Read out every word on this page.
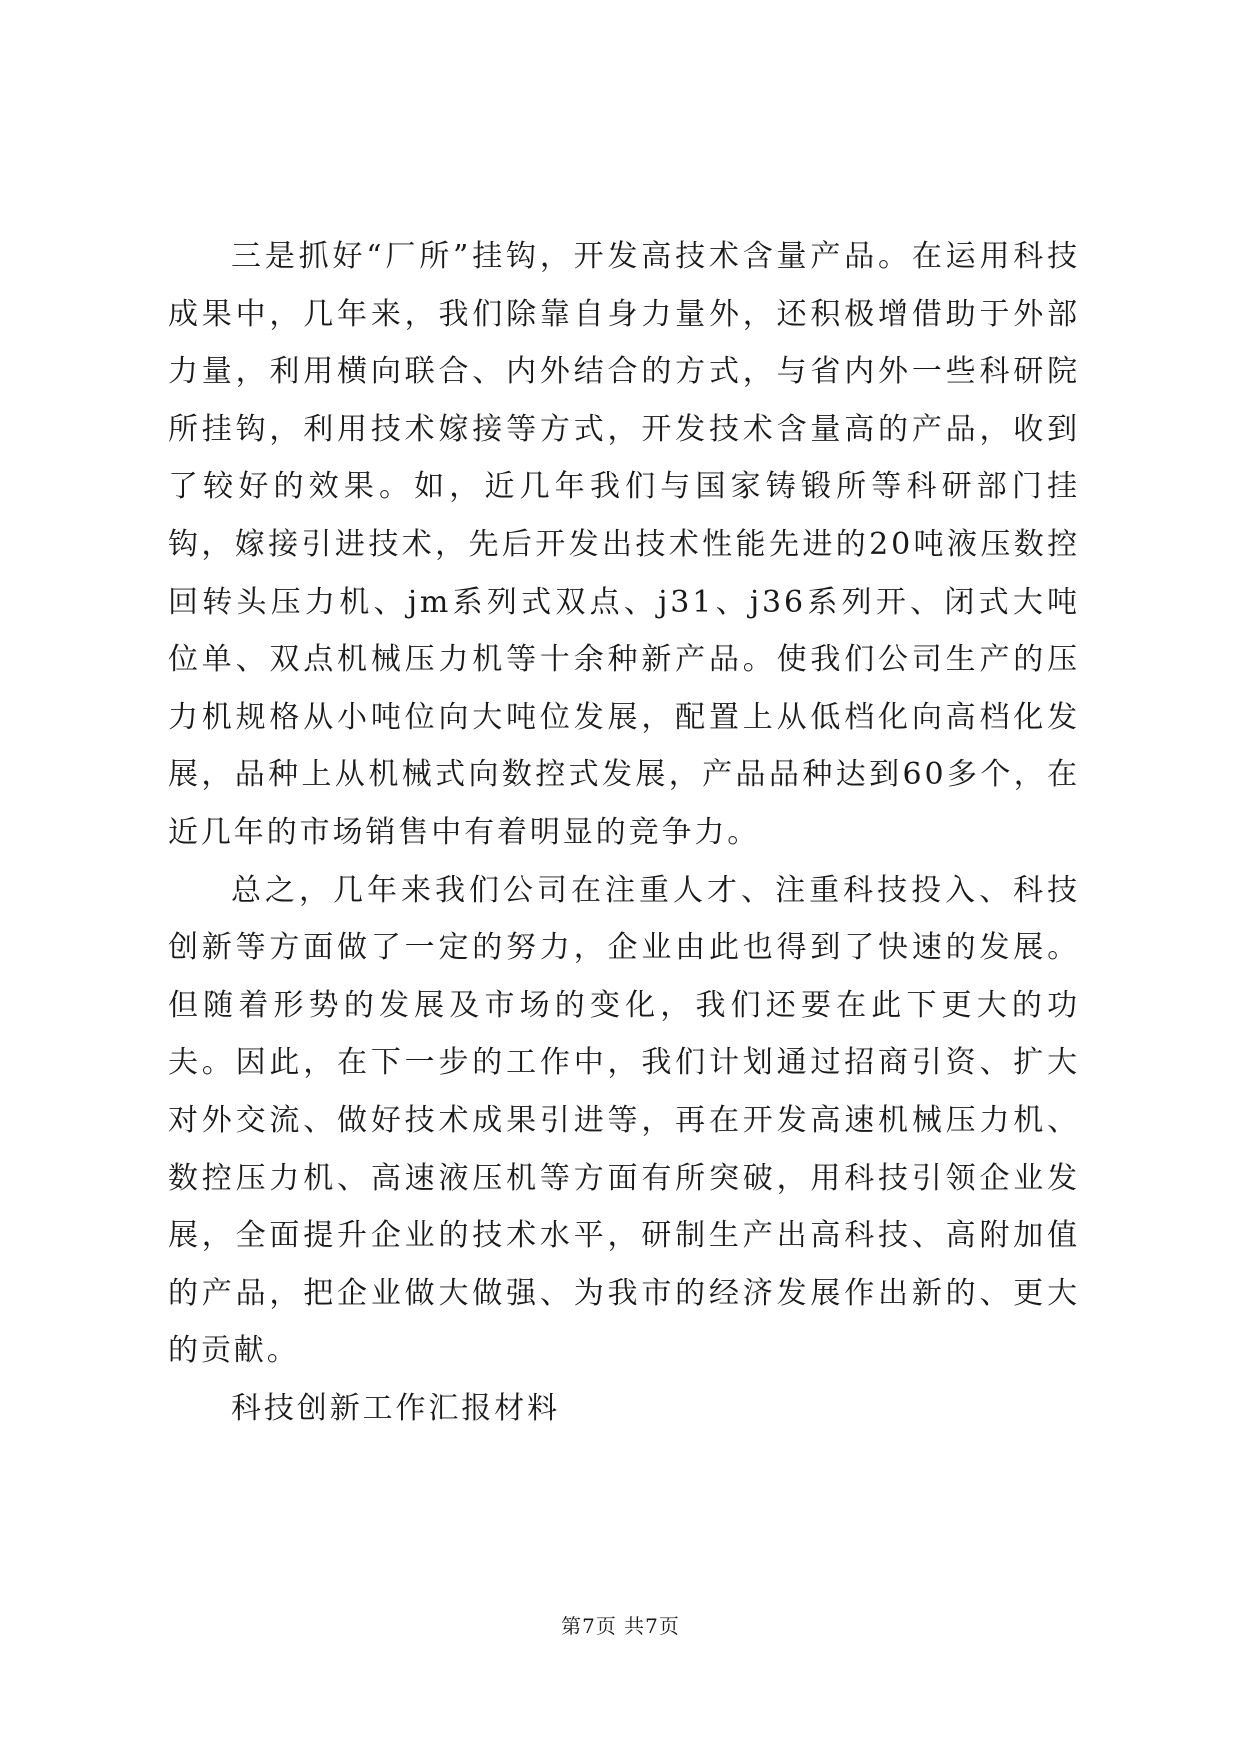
三是抓好“厂所”挂钩，开发高技术含量产品。在运用科技成果中，几年来，我们除靠自身力量外，还积极增借助于外部力量，利用横向联合、内外结合的方式，与省内外一些科研院所挂钩，利用技术嫁接等方式，开发技术含量高的产品，收到了较好的效果。如，近几年我们与国家铸锻所等科研部门挂钩，嫁接引进技术，先后开发出技术性能先进的20吨液压数控回转头压力机、jm系列式双点、j31、j36系列开、闭式大吨位单、双点机械压力机等十余种新产品。使我们公司生产的压力机规格从小吨位向大吨位发展，配置上从低档化向高档化发展，品种上从机械式向数控式发展，产品品种达到60多个，在近几年的市场销售中有着明显的竞争力。

总之，几年来我们公司在注重人才、注重科技投入、科技创新等方面做了一定的努力，企业由此也得到了快速的发展。但随着形势的发展及市场的变化，我们还要在此下更大的功夫。因此，在下一步的工作中，我们计划通过招商引资、扩大对外交流、做好技术成果引进等，再在开发高速机械压力机、数控压力机、高速液压机等方面有所突破，用科技引领企业发展，全面提升企业的技术水平，研制生产出高科技、高附加值的产品，把企业做大做强、为我市的经济发展作出新的、更大的贡献。

科技创新工作汇报材料

第7页 共7页
